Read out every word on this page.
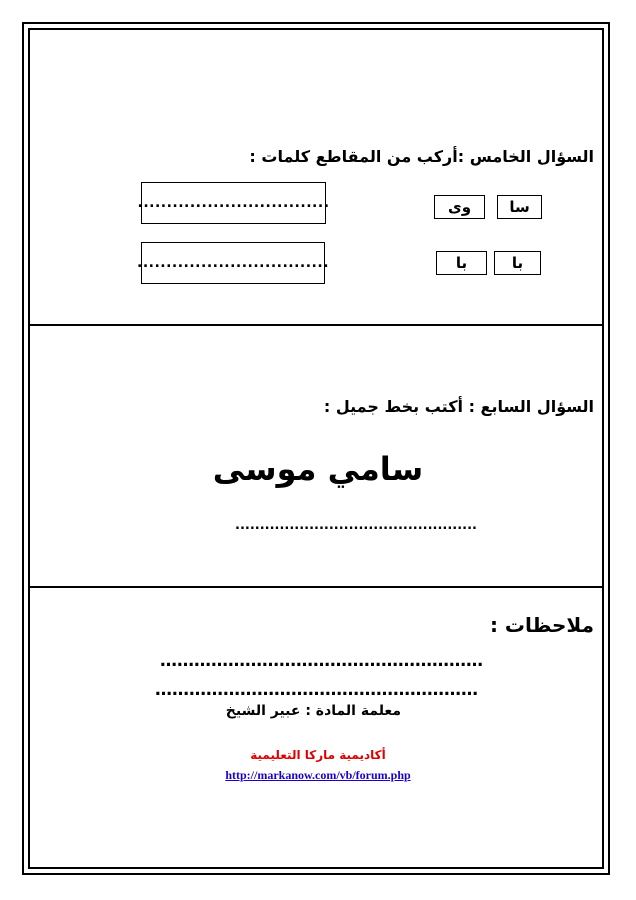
السؤال الخامس :أركب من المقاطع كلمات :
سا
وى
.................................
با
با
.................................
السؤال السابع : أكتب بخط جميل :
سامي موسى
.................................................
ملاحظات :
…………………………………………………
…………………………………………………
معلمة المادة : عبير الشيخ
أكاديمية ماركا التعليمية
http://markanow.com/vb/forum.php
